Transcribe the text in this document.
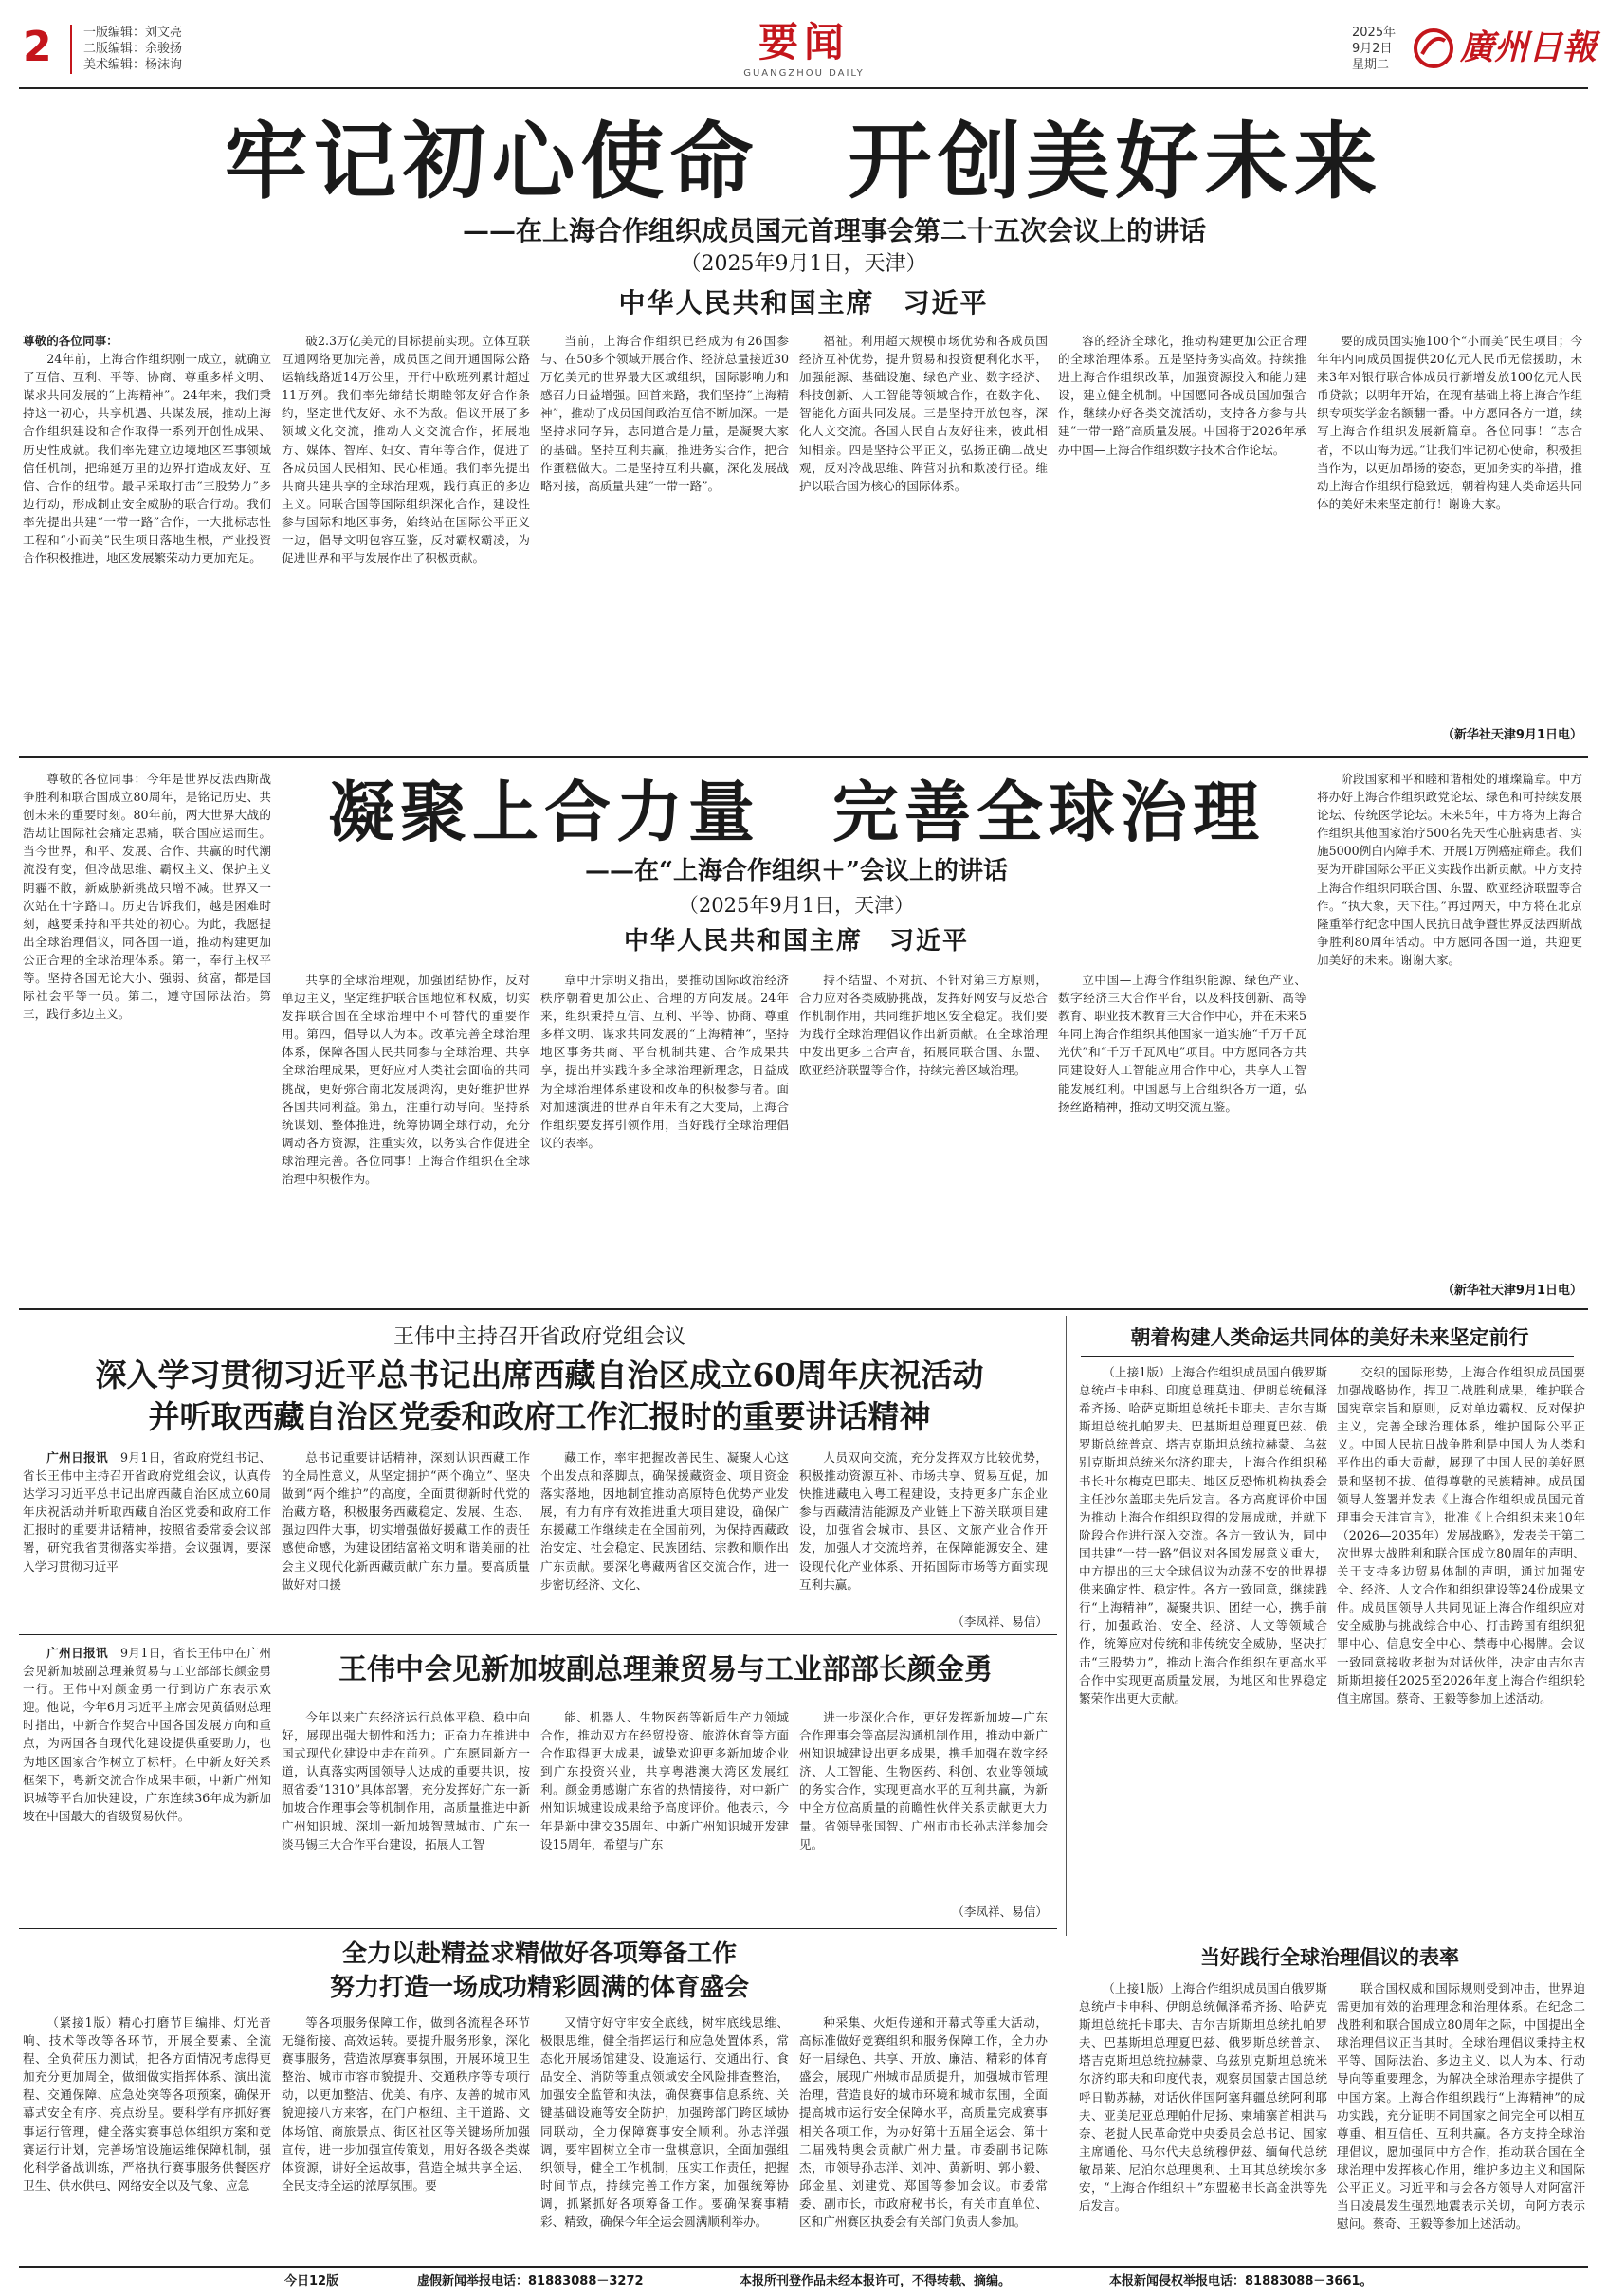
2	一版编辑：刘文亮
二版编辑：余骏扬
美术编辑：杨沫询	要闻
GUANGZHOU DAILY
2025年
9月2日
星期二 廣州日報
牢记初心使命　开创美好未来
——在上海合作组织成员国元首理事会第二十五次会议上的讲话
（2025年9月1日，天津）
中华人民共和国主席　习近平

尊敬的各位同事：

24年前，上海合作组织刚一成立，就确立了互信、互利、平等、协商、尊重多样文明、谋求共同发展的“上海精神”。24年来，我们秉持这一初心，共享机遇、共谋发展，推动上海合作组织建设和合作取得一系列开创性成果、历史性成就。我们率先建立边境地区军事领域信任机制，把绵延万里的边界打造成友好、互信、合作的纽带。最早采取打击“三股势力”多边行动，形成制止安全威胁的联合行动。我们率先提出共建“一带一路”合作，一大批标志性工程和“小而美”民生项目落地生根，产业投资合作积极推进，地区发展繁荣动力更加充足。

破2.3万亿美元的目标提前实现。立体互联互通网络更加完善，成员国之间开通国际公路运输线路近14万公里，开行中欧班列累计超过11万列。我们率先缔结长期睦邻友好合作条约，坚定世代友好、永不为敌。倡议开展了多领域文化交流，推动人文交流合作，拓展地方、媒体、智库、妇女、青年等合作，促进了各成员国人民相知、民心相通。我们率先提出共商共建共享的全球治理观，践行真正的多边主义。同联合国等国际组织深化合作，建设性参与国际和地区事务，始终站在国际公平正义一边，倡导文明包容互鉴，反对霸权霸凌，为促进世界和平与发展作出了积极贡献。

当前，上海合作组织已经成为有26国参与、在50多个领域开展合作、经济总量接近30万亿美元的世界最大区域组织，国际影响力和感召力日益增强。回首来路，我们坚持“上海精神”，推动了成员国间政治互信不断加深。一是坚持求同存异，志同道合是力量，是凝聚大家的基础。坚持互利共赢，推进务实合作，把合作蛋糕做大。二是坚持互利共赢，深化发展战略对接，高质量共建“一带一路”。

福祉。利用超大规模市场优势和各成员国经济互补优势，提升贸易和投资便利化水平，加强能源、基础设施、绿色产业、数字经济、科技创新、人工智能等领域合作，在数字化、智能化方面共同发展。三是坚持开放包容，深化人文交流。各国人民自古友好往来，彼此相知相亲。四是坚持公平正义，弘扬正确二战史观，反对冷战思维、阵营对抗和欺凌行径。维护以联合国为核心的国际体系。

容的经济全球化，推动构建更加公正合理的全球治理体系。五是坚持务实高效。持续推进上海合作组织改革，加强资源投入和能力建设，建立健全机制。中国愿同各成员国加强合作，继续办好各类交流活动，支持各方参与共建“一带一路”高质量发展。中国将于2026年承办中国—上海合作组织数字技术合作论坛。

要的成员国实施100个“小而美”民生项目；今年年内向成员国提供20亿元人民币无偿援助，未来3年对银行联合体成员行新增发放100亿元人民币贷款；以明年开始，在现有基础上将上海合作组织专项奖学金名额翻一番。中方愿同各方一道，续写上海合作组织发展新篇章。各位同事！“志合者，不以山海为远。”让我们牢记初心使命，积极担当作为，以更加昂扬的姿态，更加务实的举措，推动上海合作组织行稳致远，朝着构建人类命运共同体的美好未来坚定前行！谢谢大家。

（新华社天津9月1日电）

尊敬的各位同事：今年是世界反法西斯战争胜利和联合国成立80周年，是铭记历史、共创未来的重要时刻。80年前，两大世界大战的浩劫让国际社会痛定思痛，联合国应运而生。当今世界，和平、发展、合作、共赢的时代潮流没有变，但冷战思维、霸权主义、保护主义阴霾不散，新威胁新挑战只增不减。世界又一次站在十字路口。历史告诉我们，越是困难时刻，越要秉持和平共处的初心。为此，我愿提出全球治理倡议，同各国一道，推动构建更加公正合理的全球治理体系。第一，奉行主权平等。坚持各国无论大小、强弱、贫富，都是国际社会平等一员。第二，遵守国际法治。第三，践行多边主义。

凝聚上合力量　完善全球治理
——在“上海合作组织＋”会议上的讲话
（2025年9月1日，天津）
中华人民共和国主席　习近平

共享的全球治理观，加强团结协作，反对单边主义，坚定维护联合国地位和权威，切实发挥联合国在全球治理中不可替代的重要作用。第四，倡导以人为本。改革完善全球治理体系，保障各国人民共同参与全球治理、共享全球治理成果，更好应对人类社会面临的共同挑战，更好弥合南北发展鸿沟，更好维护世界各国共同利益。第五，注重行动导向。坚持系统谋划、整体推进，统筹协调全球行动，充分调动各方资源，注重实效，以务实合作促进全球治理完善。各位同事！上海合作组织在全球治理中积极作为。

章中开宗明义指出，要推动国际政治经济秩序朝着更加公正、合理的方向发展。24年来，组织秉持互信、互利、平等、协商、尊重多样文明、谋求共同发展的“上海精神”，坚持地区事务共商、平台机制共建、合作成果共享，提出并实践许多全球治理新理念，日益成为全球治理体系建设和改革的积极参与者。面对加速演进的世界百年未有之大变局，上海合作组织要发挥引领作用，当好践行全球治理倡议的表率。

持不结盟、不对抗、不针对第三方原则，合力应对各类威胁挑战，发挥好网安与反恐合作机制作用，共同维护地区安全稳定。我们要为践行全球治理倡议作出新贡献。在全球治理中发出更多上合声音，拓展同联合国、东盟、欧亚经济联盟等合作，持续完善区域治理。

立中国—上海合作组织能源、绿色产业、数字经济三大合作平台，以及科技创新、高等教育、职业技术教育三大合作中心，并在未来5年同上海合作组织其他国家一道实施“千万千瓦光伏”和“千万千瓦风电”项目。中方愿同各方共同建设好人工智能应用合作中心，共享人工智能发展红利。中国愿与上合组织各方一道，弘扬丝路精神，推动文明交流互鉴。

阶段国家和平和睦和谐相处的璀璨篇章。中方将办好上海合作组织政党论坛、绿色和可持续发展论坛、传统医学论坛。未来5年，中方将为上海合作组织其他国家治疗500名先天性心脏病患者、实施5000例白内障手术、开展1万例癌症筛查。我们要为开辟国际公平正义实践作出新贡献。中方支持上海合作组织同联合国、东盟、欧亚经济联盟等合作。“执大象，天下往。”再过两天，中方将在北京隆重举行纪念中国人民抗日战争暨世界反法西斯战争胜利80周年活动。中方愿同各国一道，共迎更加美好的未来。谢谢大家。

（新华社天津9月1日电）
王伟中主持召开省政府党组会议
深入学习贯彻习近平总书记出席西藏自治区成立60周年庆祝活动
并听取西藏自治区党委和政府工作汇报时的重要讲话精神

广州日报讯　 9月1日，省政府党组书记、省长王伟中主持召开省政府党组会议，认真传达学习习近平总书记出席西藏自治区成立60周年庆祝活动并听取西藏自治区党委和政府工作汇报时的重要讲话精神，按照省委常委会议部署，研究我省贯彻落实举措。会议强调，要深入学习贯彻习近平

总书记重要讲话精神，深刻认识西藏工作的全局性意义，从坚定拥护“两个确立”、坚决做到“两个维护”的高度，全面贯彻新时代党的治藏方略，积极服务西藏稳定、发展、生态、强边四件大事，切实增强做好援藏工作的责任感使命感，为建设团结富裕文明和谐美丽的社会主义现代化新西藏贡献广东力量。要高质量做好对口援

藏工作，率牢把握改善民生、凝聚人心这个出发点和落脚点，确保援藏资金、项目资金落实落地，因地制宜推动高原特色优势产业发展，有力有序有效推进重大项目建设，确保广东援藏工作继续走在全国前列，为保持西藏政治安定、社会稳定、民族团结、宗教和顺作出广东贡献。要深化粤藏两省区交流合作，进一步密切经济、文化、

人员双向交流，充分发挥双方比较优势，积极推动资源互补、市场共享、贸易互促，加快推进藏电入粤工程建设，支持更多广东企业参与西藏清洁能源及产业链上下游关联项目建设，加强省会城市、县区、文旅产业合作开发，加强人才交流培养，在保障能源安全、建设现代化产业体系、开拓国际市场等方面实现互利共赢。

（李凤祥、易信）

广州日报讯　 9月1日，省长王伟中在广州会见新加坡副总理兼贸易与工业部部长颜金勇一行。王伟中对颜金勇一行到访广东表示欢迎。他说，今年6月习近平主席会见黄循财总理时指出，中新合作契合中国各国发展方向和重点，为两国各自现代化建设提供重要助力，也为地区国家合作树立了标杆。在中新友好关系框架下，粤新交流合作成果丰硕，中新广州知识城等平台加快建设，广东连续36年成为新加坡在中国最大的省级贸易伙伴。

王伟中会见新加坡副总理兼贸易与工业部部长颜金勇

今年以来广东经济运行总体平稳、稳中向好，展现出强大韧性和活力；正奋力在推进中国式现代化建设中走在前列。广东愿同新方一道，认真落实两国领导人达成的重要共识，按照省委“1310”具体部署，充分发挥好广东一新加坡合作理事会等机制作用，高质量推进中新广州知识城、深圳一新加坡智慧城市、广东一淡马锡三大合作平台建设，拓展人工智

能、机器人、生物医药等新质生产力领域合作，推动双方在经贸投资、旅游休育等方面合作取得更大成果，诚挚欢迎更多新加坡企业到广东投资兴业，共享粤港澳大湾区发展红利。颜金勇感谢广东省的热情接待，对中新广州知识城建设成果给予高度评价。他表示，今年是新中建交35周年、中新广州知识城开发建设15周年，希望与广东

进一步深化合作，更好发挥新加坡—广东合作理事会等高层沟通机制作用，推动中新广州知识城建设出更多成果，携手加强在数字经济、人工智能、生物医药、科创、农业等领域的务实合作，实现更高水平的互利共赢，为新中全方位高质量的前瞻性伙伴关系贡献更大力量。省领导张国智、广州市市长孙志洋参加会见。

（李凤祥、易信）
朝着构建人类命运共同体的美好未来坚定前行

（上接1版）上海合作组织成员国白俄罗斯总统卢卡申科、印度总理莫迪、伊朗总统佩泽希齐扬、哈萨克斯坦总统托卡耶夫、吉尔吉斯斯坦总统扎帕罗夫、巴基斯坦总理夏巴兹、俄罗斯总统普京、塔吉克斯坦总统拉赫蒙、乌兹别克斯坦总统米尔济约耶夫，上海合作组织秘书长叶尔梅克巴耶夫、地区反恐怖机构执委会主任沙尔盖耶夫先后发言。各方高度评价中国为推动上海合作组织取得的发展成就，并就下阶段合作进行深入交流。各方一致认为，同中国共建“一带一路”倡议对各国发展意义重大，中方提出的三大全球倡议为动荡不安的世界提供来确定性、稳定性。各方一致同意，继续践行“上海精神”，凝聚共识、团结一心，携手前行，加强政治、安全、经济、人文等领域合作，统筹应对传统和非传统安全威胁，坚决打击“三股势力”，推动上海合作组织在更高水平合作中实现更高质量发展，为地区和世界稳定繁荣作出更大贡献。

交织的国际形势，上海合作组织成员国要加强战略协作，捍卫二战胜利成果，维护联合国宪章宗旨和原则，反对单边霸权、反对保护主义，完善全球治理体系，维护国际公平正义。中国人民抗日战争胜利是中国人为人类和平作出的重大贡献，展现了中国人民的美好愿景和坚韧不拔、值得尊敬的民族精神。成员国领导人签署并发表《上海合作组织成员国元首理事会天津宣言》，批准《上合组织未来10年（2026—2035年）发展战略》，发表关于第二次世界大战胜利和联合国成立80周年的声明、关于支持多边贸易体制的声明，通过加强安全、经济、人文合作和组织建设等24份成果文件。成员国领导人共同见证上海合作组织应对安全威胁与挑战综合中心、打击跨国有组织犯罪中心、信息安全中心、禁毒中心揭牌。会议一致同意接收老挝为对话伙伴，决定由吉尔吉斯斯坦接任2025至2026年度上海合作组织轮值主席国。蔡奇、王毅等参加上述活动。

当好践行全球治理倡议的表率

（上接1版）上海合作组织成员国白俄罗斯总统卢卡申科、伊朗总统佩泽希齐扬、哈萨克斯坦总统托卡耶夫、吉尔吉斯斯坦总统扎帕罗夫、巴基斯坦总理夏巴兹、俄罗斯总统普京、塔吉克斯坦总统拉赫蒙、乌兹别克斯坦总统米尔济约耶夫和印度代表，观察员国蒙古国总统呼日勒苏赫，对话伙伴国阿塞拜疆总统阿利耶夫、亚美尼亚总理帕什尼扬、柬埔寨首相洪马奈、老挝人民革命党中央委员会总书记、国家主席通伦、马尔代夫总统穆伊兹、缅甸代总统敏昂莱、尼泊尔总理奥利、土耳其总统埃尔多安，“上海合作组织＋”东盟秘书长高金洪等先后发言。

联合国权威和国际规则受到冲击，世界迫需更加有效的治理理念和治理体系。在纪念二战胜利和联合国成立80周年之际，中国提出全球治理倡议正当其时。全球治理倡议秉持主权平等、国际法治、多边主义、以人为本、行动导向等重要理念，为解决全球治理赤字提供了中国方案。上海合作组织践行“上海精神”的成功实践，充分证明不同国家之间完全可以相互尊重、相互信任、互利共赢。各方支持全球治理倡议，愿加强同中方合作，推动联合国在全球治理中发挥核心作用，维护多边主义和国际公平正义。习近平和与会各方领导人对阿富汗当日凌晨发生强烈地震表示关切，向阿方表示慰问。蔡奇、王毅等参加上述活动。

全力以赴精益求精做好各项筹备工作
努力打造一场成功精彩圆满的体育盛会

（紧接1版）精心打磨节目编排、灯光音响、技术等改等各环节，开展全要素、全流程、全负荷压力测试，把各方面情况考虑得更加充分更加周全，做细做实指挥体系、演出流程、交通保障、应急处突等各项预案，确保开幕式安全有序、亮点纷呈。要科学有序抓好赛事运行管理，健全落实赛事总体组织方案和竞赛运行计划，完善场馆设施运维保障机制，强化科学备战训练，严格执行赛事服务供餐医疗卫生、供水供电、网络安全以及气象、应急

等各项服务保障工作，做到各流程各环节无缝衔接、高效运转。要提升服务形象，深化赛事服务，营造浓厚赛事氛围，开展环境卫生整治、城市市容市貌提升、交通秩序等专项行动，以更加整洁、优美、有序、友善的城市风貌迎接八方来客，在门户枢纽、主干道路、文体场馆、商旅景点、街区社区等关键场所加强宣传，进一步加强宣传策划，用好各级各类媒体资源，讲好全运故事，营造全城共享全运、全民支持全运的浓厚氛围。要

又情守好守牢安全底线，树牢底线思维、极限思维，健全指挥运行和应急处置体系，常态化开展场馆建设、设施运行、交通出行、食品安全、消防等重点领域安全风险排查整治，加强安全监管和执法，确保赛事信息系统、关键基础设施等安全防护，加强跨部门跨区域协同联动，全力保障赛事安全顺利。孙志洋强调，要牢固树立全市一盘棋意识，全面加强组织领导，健全工作机制，压实工作责任，把握时间节点，持续完善工作方案，加强统筹协调，抓紧抓好各项筹备工作。要确保赛事精彩、精致，确保今年全运会圆满顺利举办。

种采集、火炬传递和开幕式等重大活动，高标准做好竞赛组织和服务保障工作，全力办好一届绿色、共享、开放、廉洁、精彩的体育盛会，展现广州城市品质提升，加强城市管理治理，营造良好的城市环境和城市氛围，全面提高城市运行安全保障水平，高质量完成赛事相关各项工作，为办好第十五届全运会、第十二届残特奥会贡献广州力量。市委副书记陈杰，市领导孙志洋、刘冲、黄新明、郭小毅、邱金星、刘建党、郑国等参加会议。市委常委、副市长，市政府秘书长，有关市直单位、区和广州赛区执委会有关部门负责人参加。

今日12版	虚假新闻举报电话：81883088－3272	本报所刊登作品未经本报许可，不得转载、摘编。	本报新闻侵权举报电话：81883088－3661。
